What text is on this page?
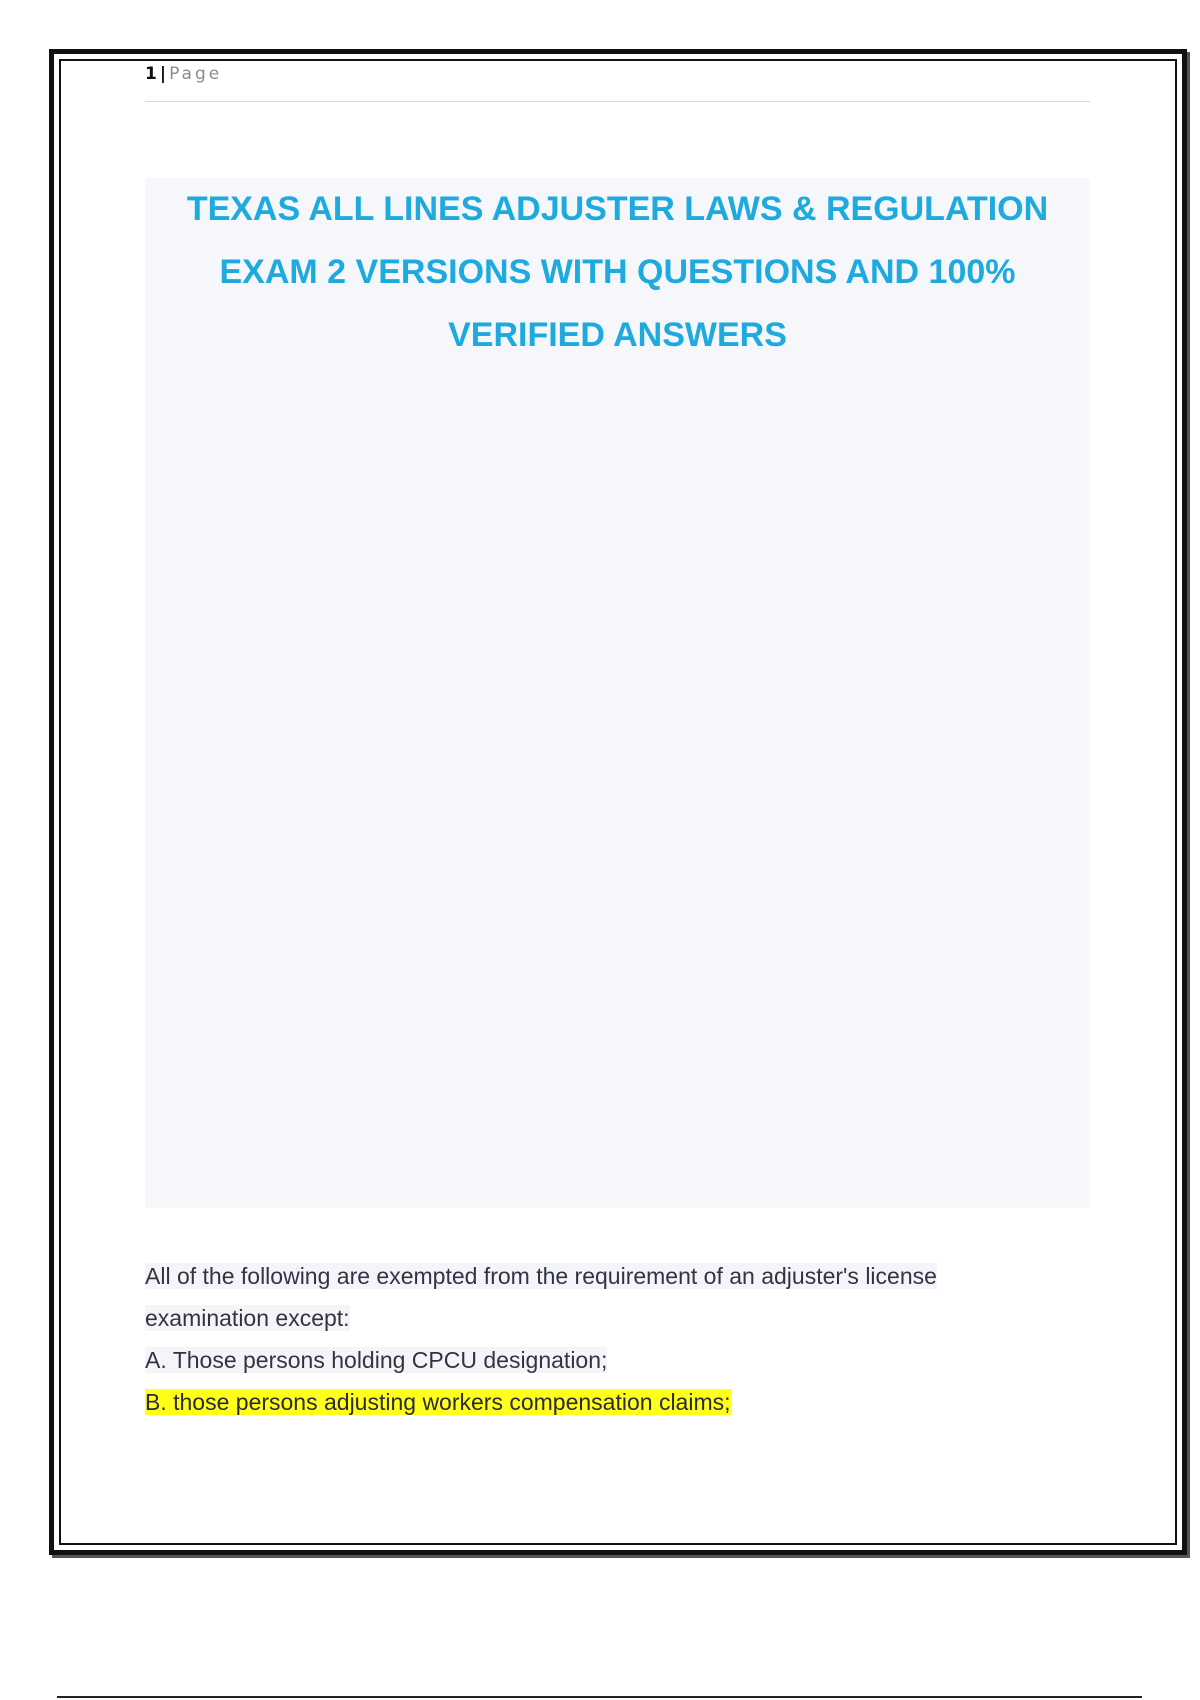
1 | Page
TEXAS ALL LINES ADJUSTER LAWS & REGULATION
EXAM 2 VERSIONS WITH QUESTIONS AND 100%
VERIFIED ANSWERS
All of the following are exempted from the requirement of an adjuster's license
examination except:
A. Those persons holding CPCU designation;
B. those persons adjusting workers compensation claims;
